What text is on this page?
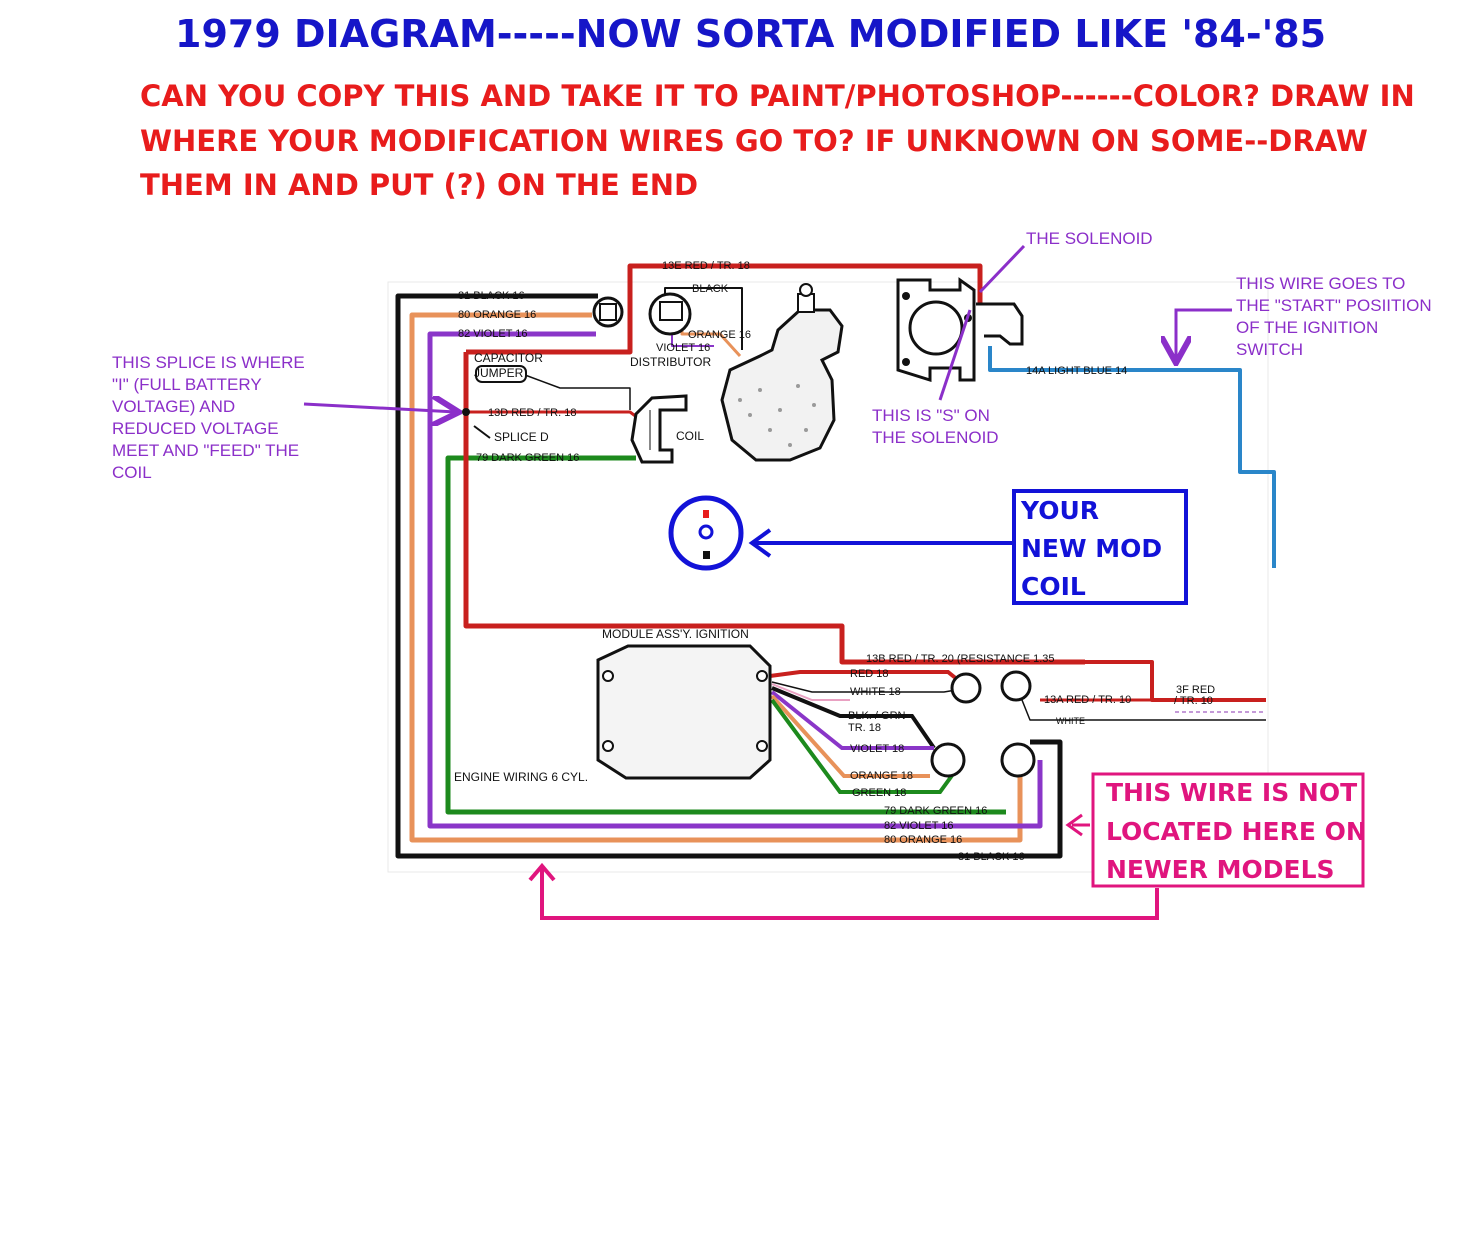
1979 DIAGRAM-----NOW SORTA MODIFIED LIKE '84-'85
CAN YOU COPY THIS AND TAKE IT TO PAINT/PHOTOSHOP------COLOR? DRAW IN
WHERE YOUR MODIFICATION WIRES GO TO? IF UNKNOWN ON SOME--DRAW
THEM IN AND PUT (?) ON THE END
13E RED / TR. 18
BLACK
ORANGE 16
VIOLET 16
81 BLACK 16
80 ORANGE 16
82 VIOLET 16
13D RED / TR. 18
79 DARK GREEN 16
14A LIGHT BLUE 14
13B RED / TR. 20 (RESISTANCE 1.35
RED 18
WHITE 18
BLK. / GRN
TR. 18
VIOLET 18
ORANGE 18
GREEN 18
13A RED / TR. 10
3F RED
/ TR. 10
WHITE
79 DARK GREEN 16
82 VIOLET 16
80 ORANGE 16
81 BLACK 16
DISTRIBUTOR
CAPACITOR
JUMPER
COIL
SPLICE D
MODULE ASS'Y. IGNITION
ENGINE WIRING 6 CYL.
THE SOLENOID
THIS WIRE GOES TO
THE "START" POSIITION
OF THE IGNITION
SWITCH
THIS SPLICE IS WHERE
"I" (FULL BATTERY
VOLTAGE) AND
REDUCED VOLTAGE
MEET AND "FEED" THE
COIL
THIS IS "S" ON
THE SOLENOID
YOUR
NEW MOD
COIL
THIS WIRE IS NOT
LOCATED HERE ON
NEWER MODELS
